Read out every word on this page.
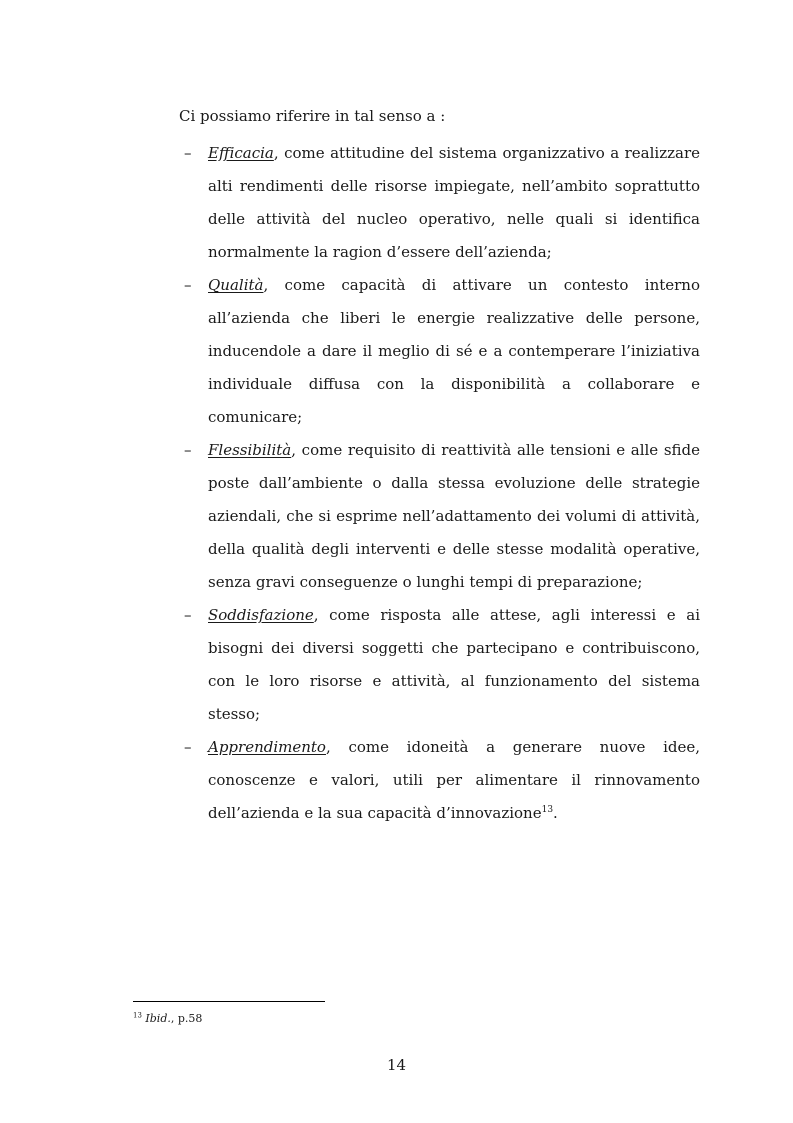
Ci possiamo riferire in tal senso a :

– Efficacia, come attitudine del sistema organizzativo a realizzare alti rendimenti delle risorse impiegate, nell’ambito soprattutto delle attività del nucleo operativo, nelle quali si identifica normalmente la ragion d’essere dell’azienda;
– Qualità, come capacità di attivare un contesto interno all’azienda che liberi le energie realizzative delle persone, inducendole a dare il meglio di sé e a contemperare l’iniziativa individuale diffusa con la disponibilità a collaborare e comunicare;
– Flessibilità, come requisito di reattività alle tensioni e alle sfide poste dall’ambiente o dalla stessa evoluzione delle strategie aziendali, che si esprime nell’adattamento dei volumi di attività, della qualità degli interventi e delle stesse modalità operative, senza gravi conseguenze o lunghi tempi di preparazione;
– Soddisfazione, come risposta alle attese, agli interessi e ai bisogni dei diversi soggetti che partecipano e contribuiscono, con le loro risorse e attività, al funzionamento del sistema stesso;
– Apprendimento, come idoneità a generare nuove idee, conoscenze e valori, utili per alimentare il rinnovamento dell’azienda e la sua capacità d’innovazione$^{13}$.

$^{13}$ Ibid., p.58

14
